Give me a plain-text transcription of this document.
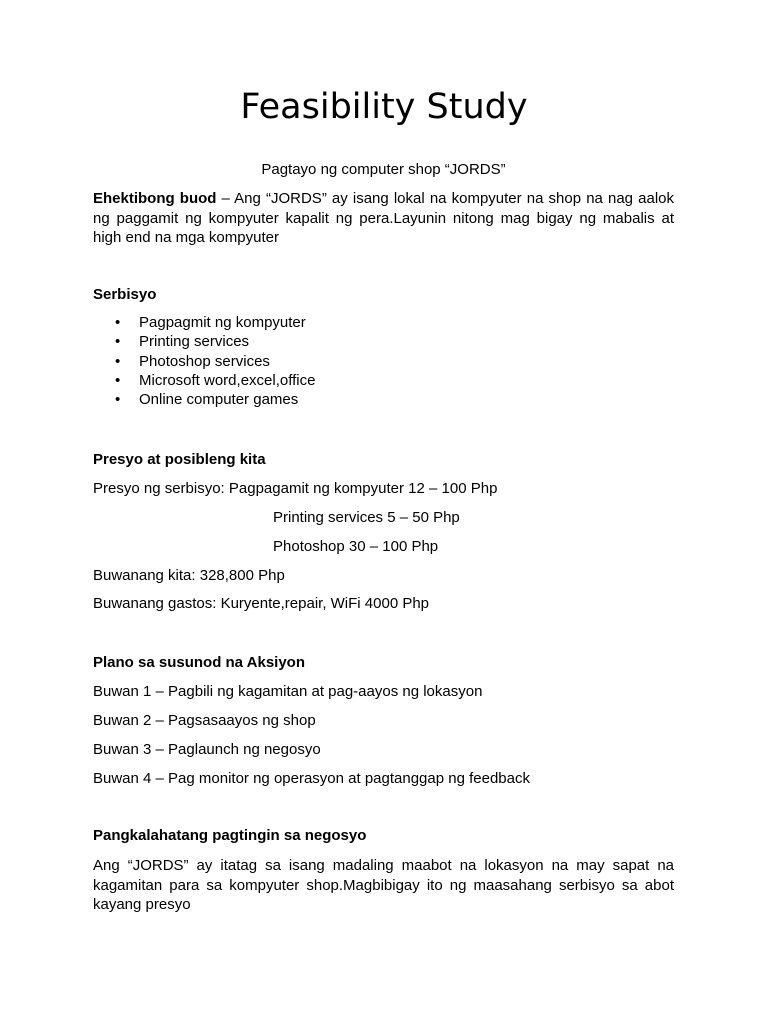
Feasibility Study

Pagtayo ng computer shop “JORDS”

Ehektibong buod – Ang “JORDS” ay isang lokal na kompyuter na shop na nag aalok ng paggamit ng kompyuter kapalit ng pera.Layunin nitong mag bigay ng mabalis at high end na mga kompyuter

Serbisyo

• Pagpagmit ng kompyuter
• Printing services
• Photoshop services
• Microsoft word,excel,office
• Online computer games

Presyo at posibleng kita

Presyo ng serbisyo: Pagpagamit ng kompyuter 12 – 100 Php

Printing services 5 – 50 Php

Photoshop 30 – 100 Php

Buwanang kita: 328,800 Php

Buwanang gastos: Kuryente,repair, WiFi 4000 Php

Plano sa susunod na Aksiyon

Buwan 1 – Pagbili ng kagamitan at pag-aayos ng lokasyon

Buwan 2 – Pagsasaayos ng shop

Buwan 3 – Paglaunch ng negosyo

Buwan 4 – Pag monitor ng operasyon at pagtanggap ng feedback

Pangkalahatang pagtingin sa negosyo

Ang “JORDS” ay itatag sa isang madaling maabot na lokasyon na may sapat na kagamitan para sa kompyuter shop.Magbibigay ito ng maasahang serbisyo sa abot kayang presyo
